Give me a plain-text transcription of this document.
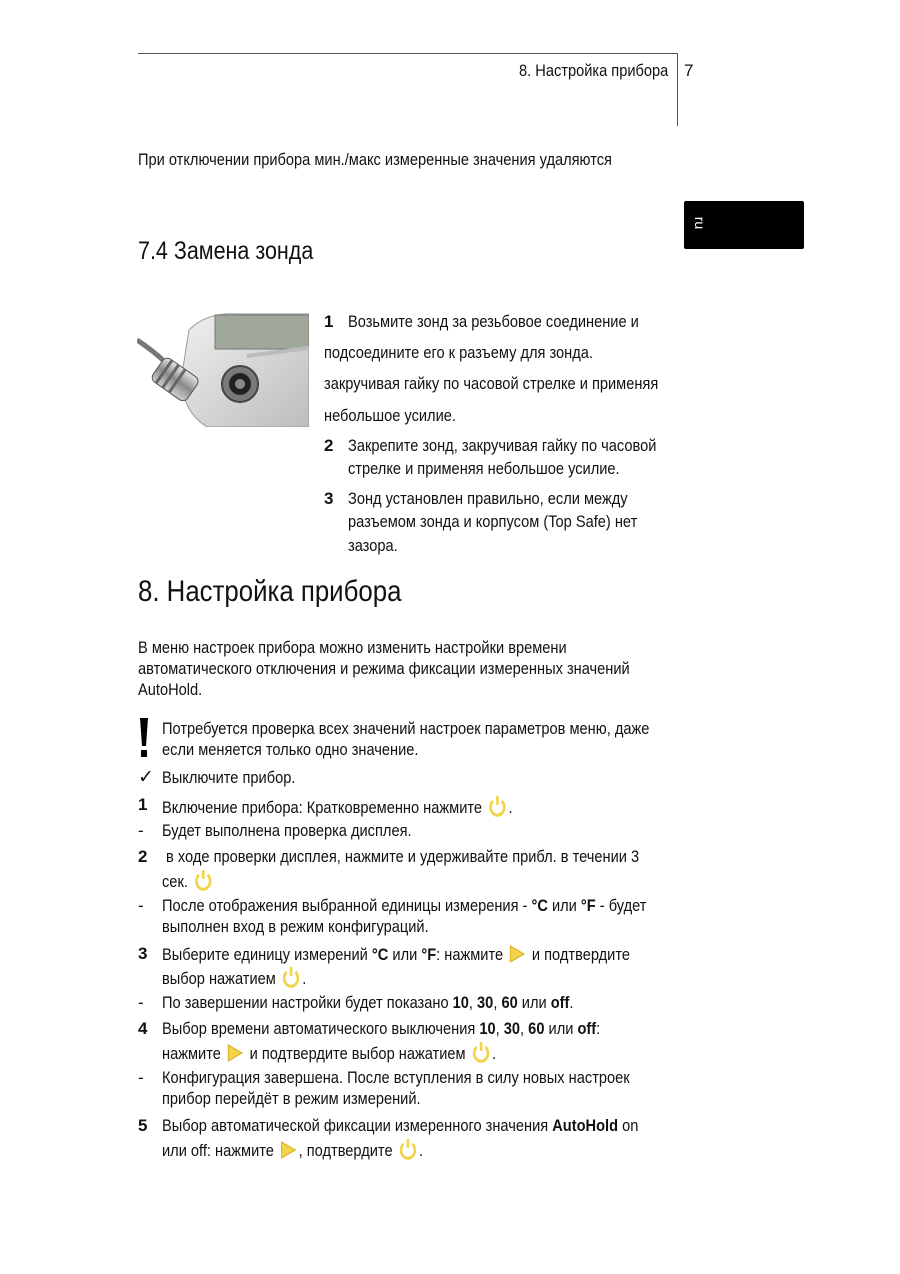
8. Настройка прибора 7
ru
При отключении прибора мин./макс измеренные значения удаляются
7.4 Замена зонда
1 Возьмите зонд за резьбовое соединение и
подсоедините его к разъему для зонда.
закручивая гайку по часовой стрелке и применяя
небольшое усилие.
2 Закрепите зонд, закручивая гайку по часовой
стрелке и применяя небольшое усилие.
3 Зонд установлен правильно, если между
разъемом зонда и корпусом (Top Safe) нет
зазора.
8. Настройка прибора
В меню настроек прибора можно изменить настройки времени
автоматического отключения и режима фиксации измеренных значений
AutoHold.
Потребуется проверка всех значений настроек параметров меню, даже
если меняется только одно значение.
✓ Выключите прибор.
1 Включение прибора: Кратковременно нажмите .
- Будет выполнена проверка дисплея.
2 в ходе проверки дисплея, нажмите и удерживайте прибл. в течении 3
сек.
- После отображения выбранной единицы измерения - °C или °F - будет
выполнен вход в режим конфигураций.
3 Выберите единицу измерений °C или °F: нажмите и подтвердите
выбор нажатием .
- По завершении настройки будет показано 10, 30, 60 или off.
4 Выбор времени автоматического выключения 10, 30, 60 или off:
нажмите и подтвердите выбор нажатием .
- Конфигурация завершена. После вступления в силу новых настроек
прибор перейдёт в режим измерений.
5 Выбор автоматической фиксации измеренного значения AutoHold on
или off: нажмите , подтвердите .
